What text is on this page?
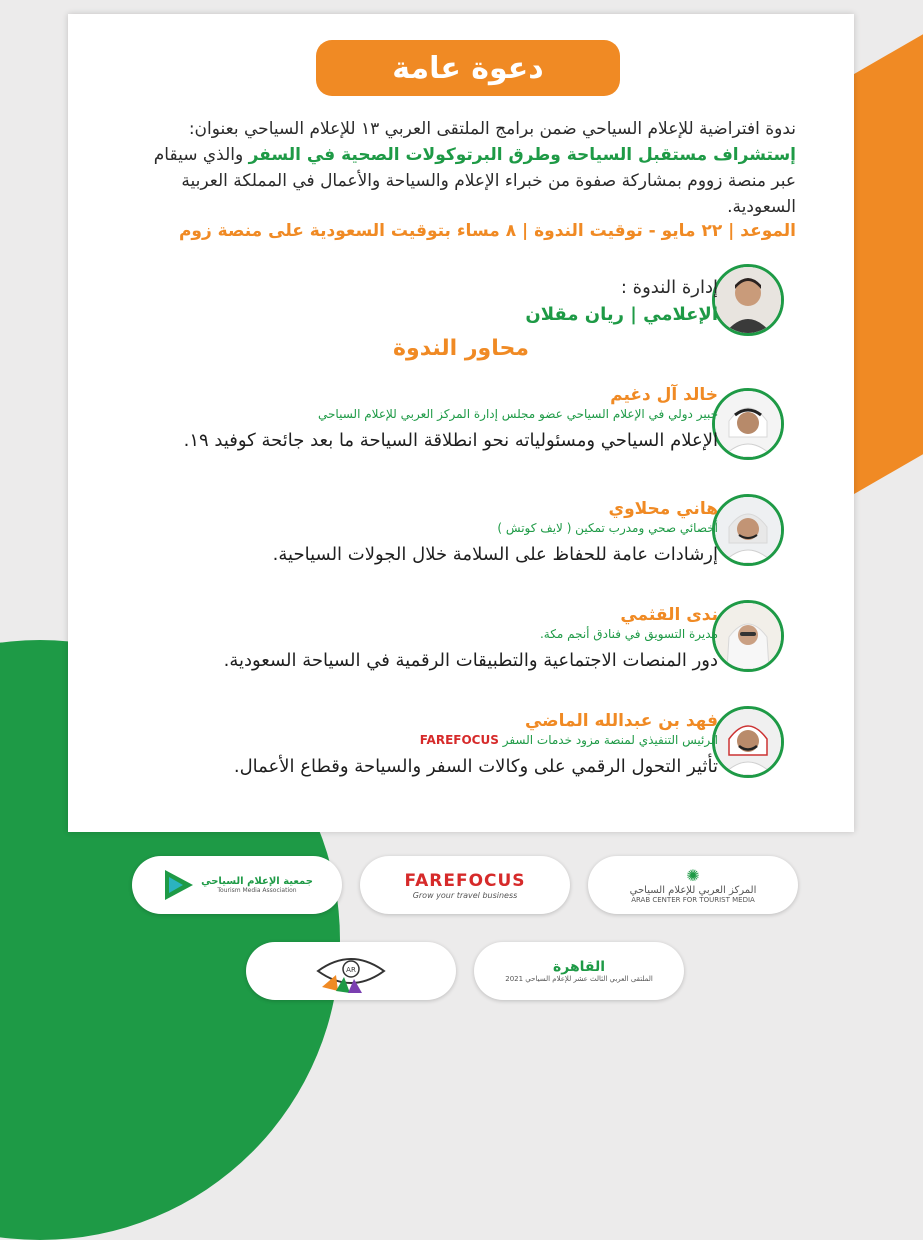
دعوة عامة
ندوة افتراضية للإعلام السياحي ضمن برامج الملتقى العربي ١٣ للإعلام السياحي بعنوان: إستشراف مستقبل السياحة وطرق البرتوكولات الصحية في السفر والذي سيقام عبر منصة زووم بمشاركة صفوة من خبراء الإعلام والسياحة والأعمال في المملكة العربية السعودية.
الموعد | ٢٢ مايو - توقيت الندوة | ٨ مساء بتوقيت السعودية على منصة زوم
إدارة الندوة :
الإعلامي | ريان مقلان
محاور الندوة
خالد آل دغيم
خبير دولي في الإعلام السياحي عضو مجلس إدارة المركز العربي للإعلام السياحي
الإعلام السياحي ومسئولياته نحو انطلاقة السياحة ما بعد جائحة كوفيد ١٩.
هاني محلاوي
أخصائي صحي ومدرب تمكين ( لايف كوتش )
إرشادات عامة للحفاظ على السلامة خلال الجولات السياحية.
ندى القثمي
مديرة التسويق في فنادق أنجم مكة.
دور المنصات الاجتماعية والتطبيقات الرقمية في السياحة السعودية.
فهد بن عبدالله الماضي
الرئيس التنفيذي لمنصة مزود خدمات السفر FAREFOCUS
تأثير التحول الرقمي على وكالات السفر والسياحة وقطاع الأعمال.
✺
المركز العربي للإعلام السياحي
ARAB CENTER FOR TOURIST MEDIA
FAREFOCUS
Grow your travel business
جمعية الإعلام السياحي
Tourism Media Association
القاهرة
الملتقى العربي الثالث عشر للإعلام السياحي 2021
AR
